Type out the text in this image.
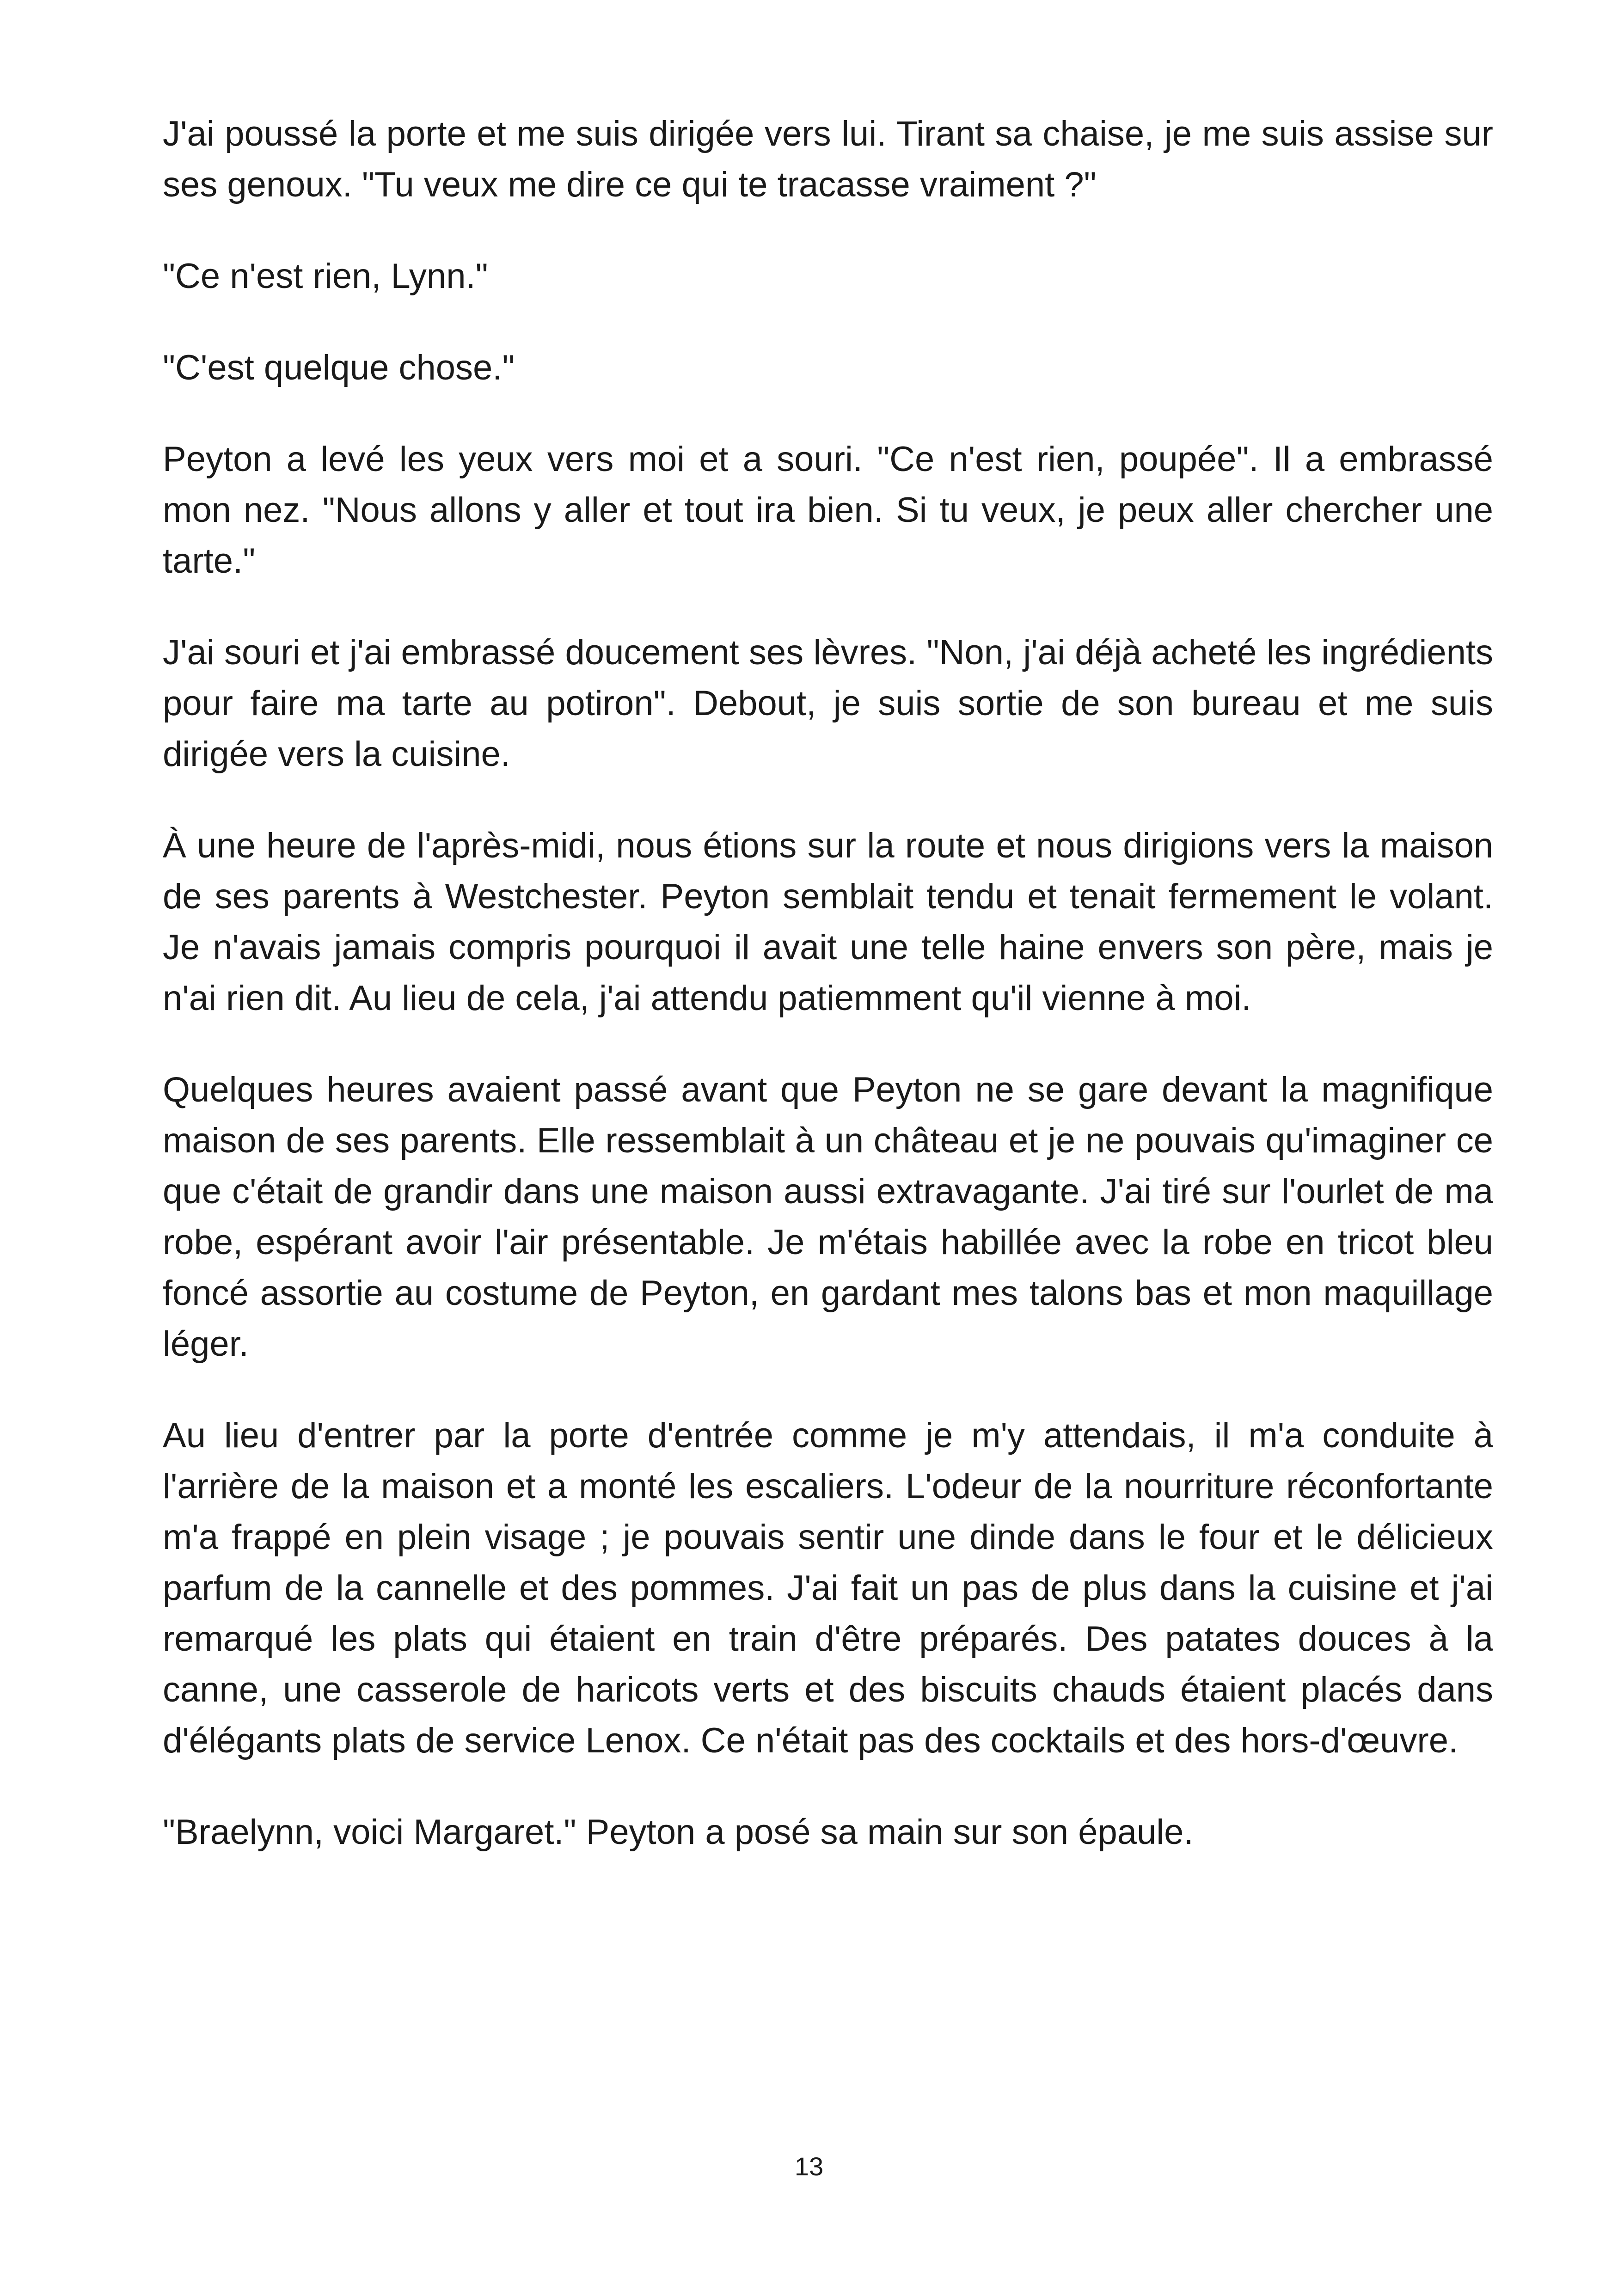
J'ai poussé la porte et me suis dirigée vers lui. Tirant sa chaise, je me suis assise sur ses genoux. "Tu veux me dire ce qui te tracasse vraiment ?"

"Ce n'est rien, Lynn."

"C'est quelque chose."

Peyton a levé les yeux vers moi et a souri. "Ce n'est rien, poupée". Il a embrassé mon nez. "Nous allons y aller et tout ira bien. Si tu veux, je peux aller chercher une tarte."

J'ai souri et j'ai embrassé doucement ses lèvres. "Non, j'ai déjà acheté les ingrédients pour faire ma tarte au potiron". Debout, je suis sortie de son bureau et me suis dirigée vers la cuisine.

À une heure de l'après-midi, nous étions sur la route et nous dirigions vers la maison de ses parents à Westchester. Peyton semblait tendu et tenait fermement le volant. Je n'avais jamais compris pourquoi il avait une telle haine envers son père, mais je n'ai rien dit. Au lieu de cela, j'ai attendu patiemment qu'il vienne à moi.

Quelques heures avaient passé avant que Peyton ne se gare devant la magnifique maison de ses parents. Elle ressemblait à un château et je ne pouvais qu'imaginer ce que c'était de grandir dans une maison aussi extravagante. J'ai tiré sur l'ourlet de ma robe, espérant avoir l'air présentable. Je m'étais habillée avec la robe en tricot bleu foncé assortie au costume de Peyton, en gardant mes talons bas et mon maquillage léger.

Au lieu d'entrer par la porte d'entrée comme je m'y attendais, il m'a conduite à l'arrière de la maison et a monté les escaliers. L'odeur de la nourriture réconfortante m'a frappé en plein visage ; je pouvais sentir une dinde dans le four et le délicieux parfum de la cannelle et des pommes. J'ai fait un pas de plus dans la cuisine et j'ai remarqué les plats qui étaient en train d'être préparés. Des patates douces à la canne, une casserole de haricots verts et des biscuits chauds étaient placés dans d'élégants plats de service Lenox. Ce n'était pas des cocktails et des hors-d'œuvre.

"Braelynn, voici Margaret." Peyton a posé sa main sur son épaule.

13
